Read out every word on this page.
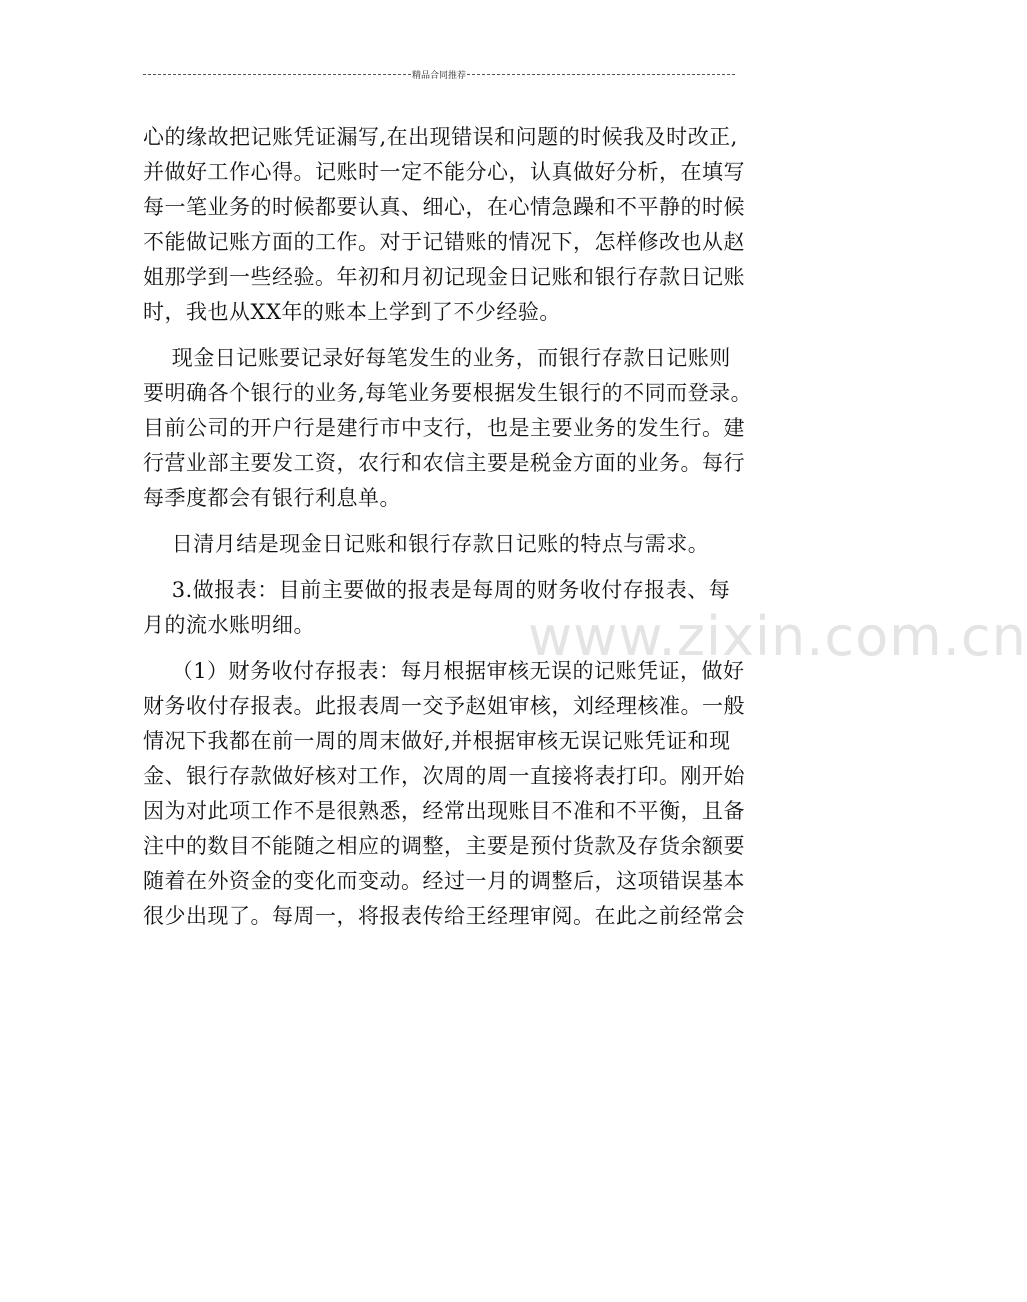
精品合同推荐
www.zixin.com.cn
心的缘故把记账凭证漏写,在出现错误和问题的时候我及时改正,
并做好工作心得。记账时一定不能分心，认真做好分析，在填写
每一笔业务的时候都要认真、细心，在心情急躁和不平静的时候
不能做记账方面的工作。对于记错账的情况下，怎样修改也从赵
姐那学到一些经验。年初和月初记现金日记账和银行存款日记账
时，我也从XX年的账本上学到了不少经验。
现金日记账要记录好每笔发生的业务，而银行存款日记账则
要明确各个银行的业务,每笔业务要根据发生银行的不同而登录。
目前公司的开户行是建行市中支行，也是主要业务的发生行。建
行营业部主要发工资，农行和农信主要是税金方面的业务。每行
每季度都会有银行利息单。
日清月结是现金日记账和银行存款日记账的特点与需求。
3.做报表：目前主要做的报表是每周的财务收付存报表、每
月的流水账明细。
（1）财务收付存报表：每月根据审核无误的记账凭证，做好
财务收付存报表。此报表周一交予赵姐审核，刘经理核准。一般
情况下我都在前一周的周末做好,并根据审核无误记账凭证和现
金、银行存款做好核对工作，次周的周一直接将表打印。刚开始
因为对此项工作不是很熟悉，经常出现账目不准和不平衡，且备
注中的数目不能随之相应的调整，主要是预付货款及存货余额要
随着在外资金的变化而变动。经过一月的调整后，这项错误基本
很少出现了。每周一，将报表传给王经理审阅。在此之前经常会
